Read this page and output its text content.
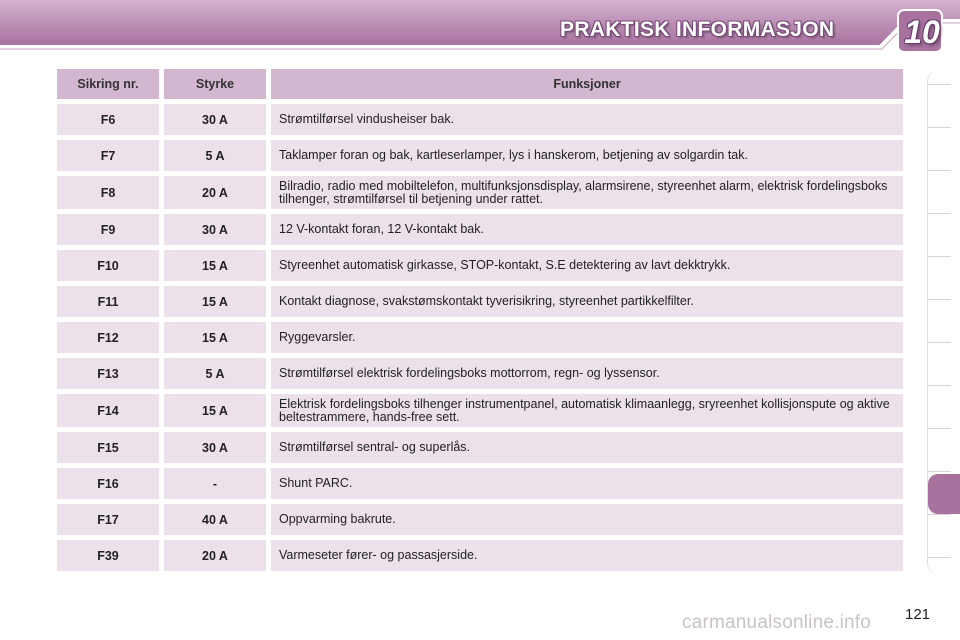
PRAKTISK INFORMASJON	10
Sikring nr.	Styrke	Funksjoner
F6	30 A	Strømtilførsel vindusheiser bak.
F7	5 A	Taklamper foran og bak, kartleserlamper, lys i hanskerom, betjening av solgardin tak.
F8	20 A	Bilradio, radio med mobiltelefon, multifunksjonsdisplay, alarmsirene, styreenhet alarm, elektrisk fordelingsboks tilhenger, strømtilførsel til betjening under rattet.
F9	30 A	12 V-kontakt foran, 12 V-kontakt bak.
F10	15 A	Styreenhet automatisk girkasse, STOP-kontakt, S.E detektering av lavt dekktrykk.
F11	15 A	Kontakt diagnose, svakstømskontakt tyverisikring, styreenhet partikkelfilter.
F12	15 A	Ryggevarsler.
F13	5 A	Strømtilførsel elektrisk fordelingsboks mottorrom, regn- og lyssensor.
F14	15 A	Elektrisk fordelingsboks tilhenger instrumentpanel, automatisk klimaanlegg, sryreenhet kollisjonspute og aktive beltestrammere, hands-free sett.
F15	30 A	Strømtilførsel sentral- og superlås.
F16	-	Shunt PARC.
F17	40 A	Oppvarming bakrute.
F39	20 A	Varmeseter fører- og passasjerside.
121
carmanualsonline.info
